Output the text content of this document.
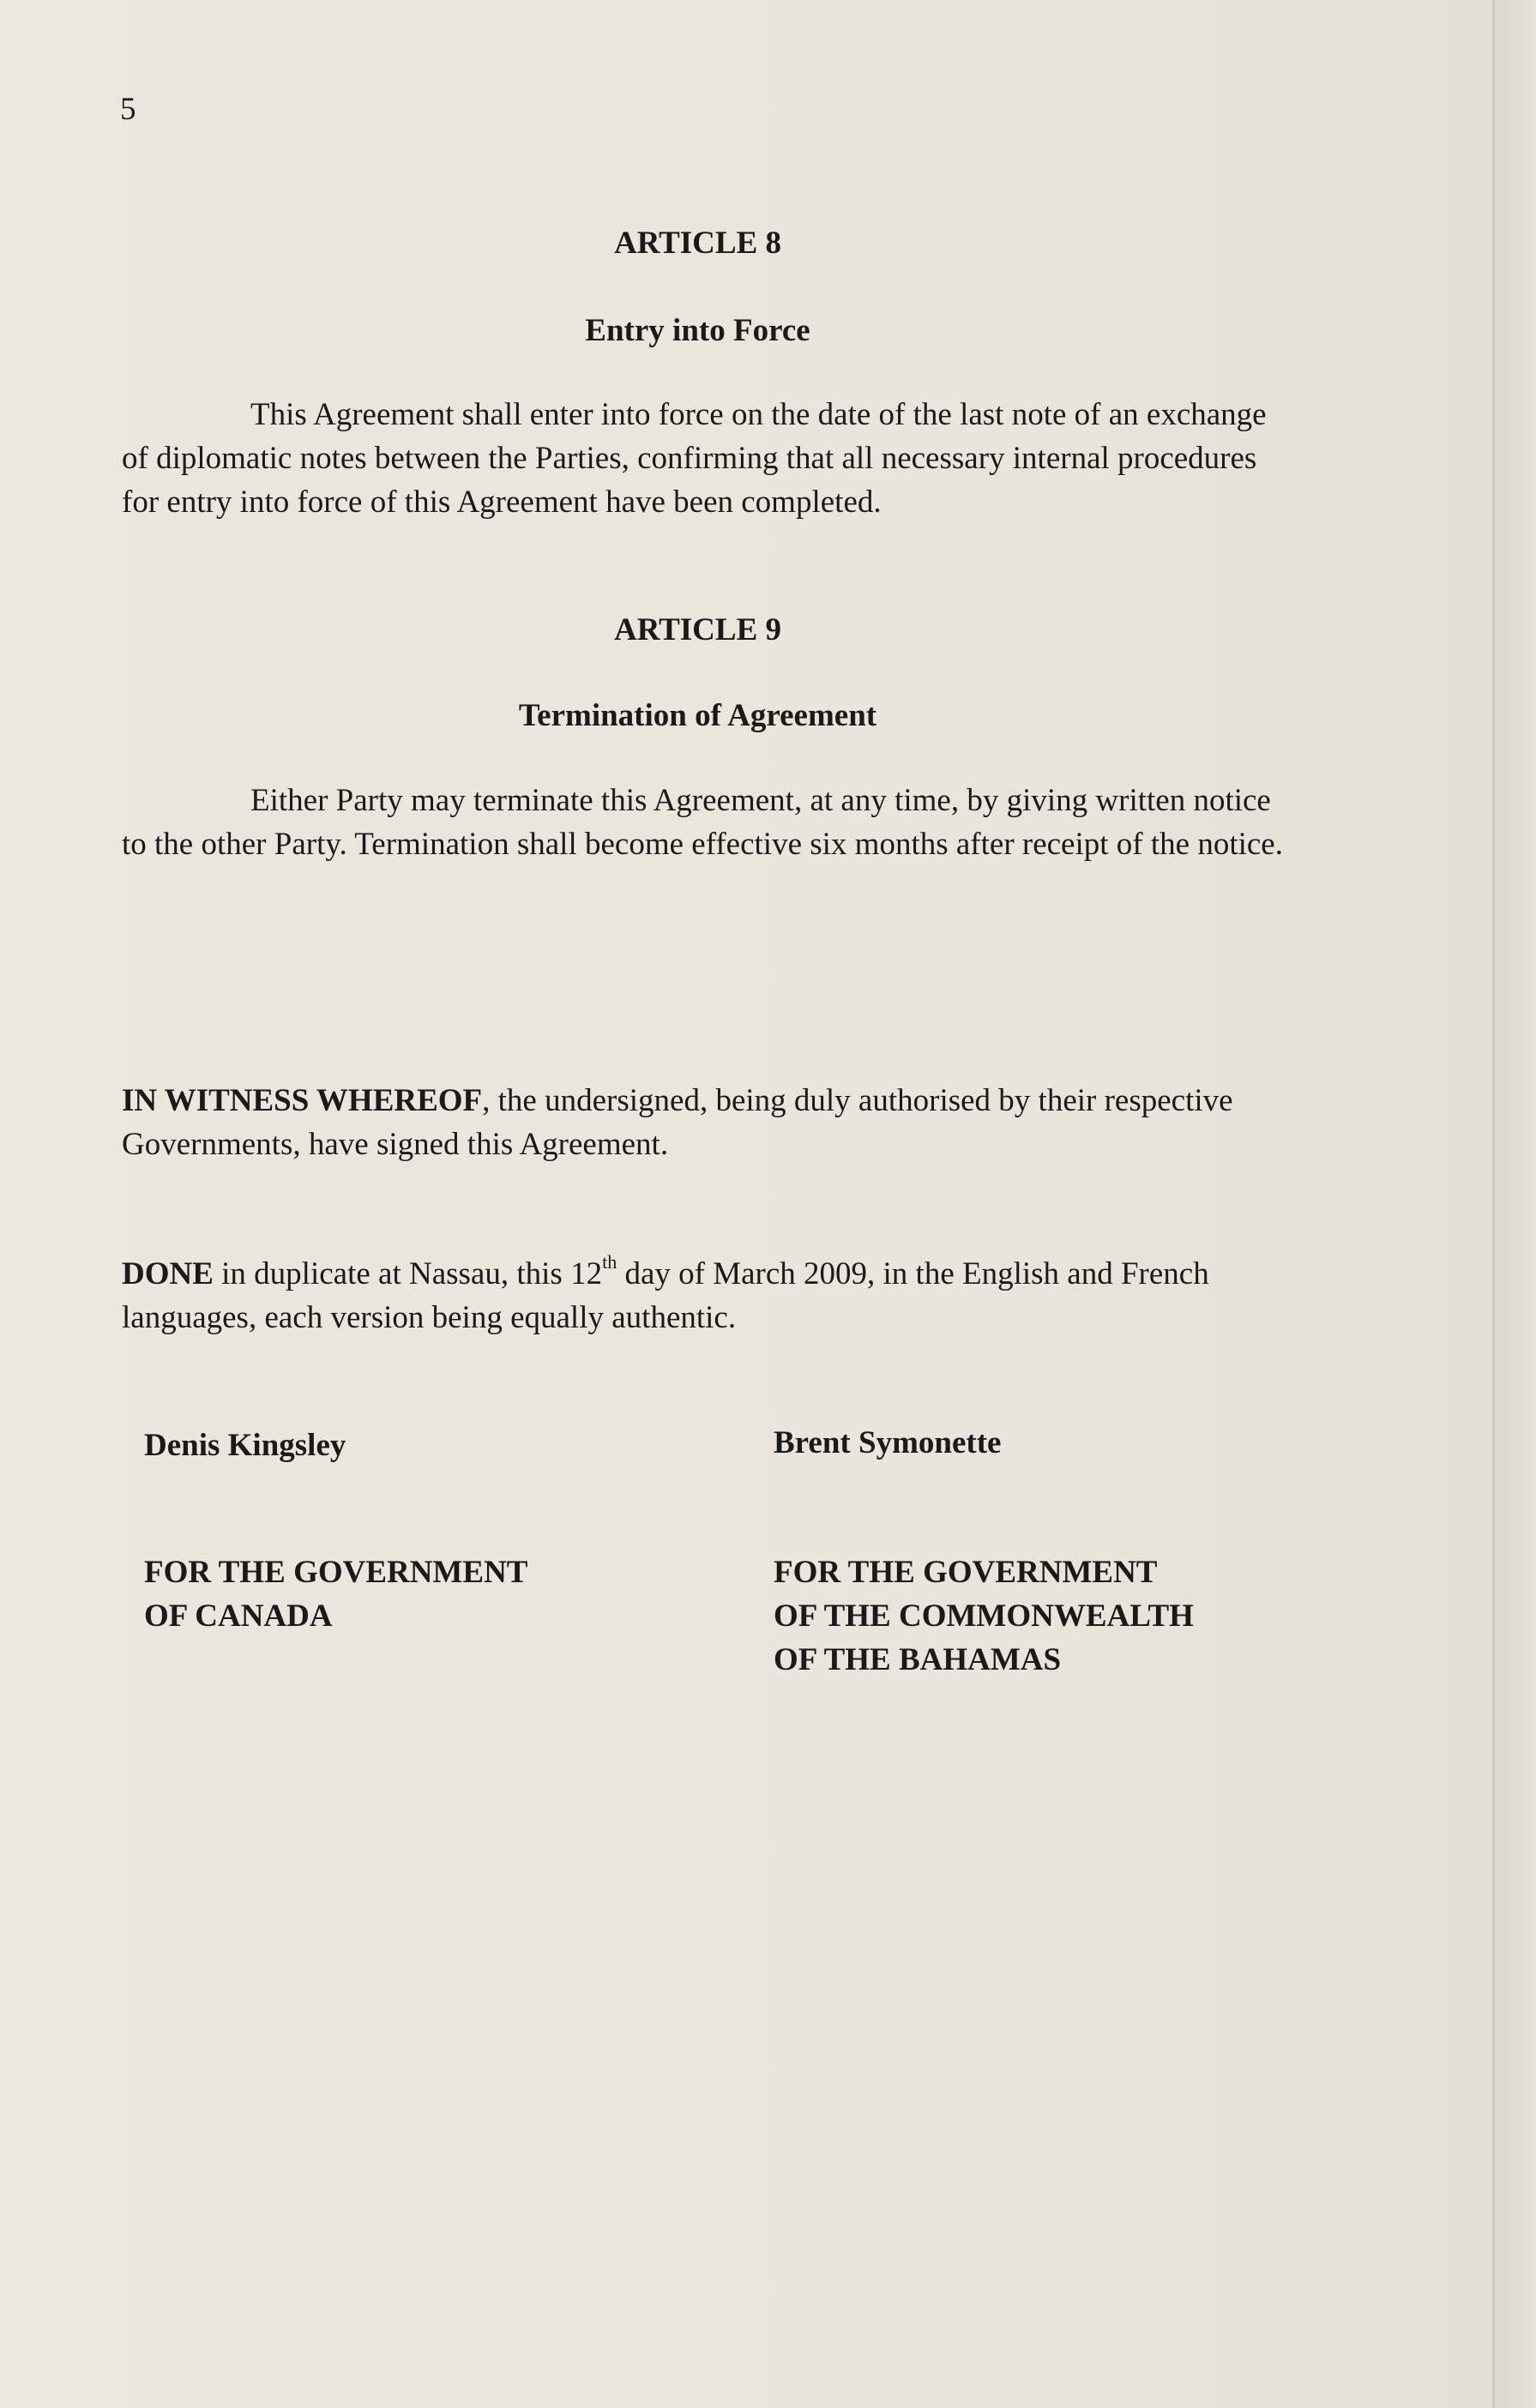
5
ARTICLE 8
Entry into Force

This Agreement shall enter into force on the date of the last note of an exchange of diplomatic notes between the Parties, confirming that all necessary internal procedures for entry into force of this Agreement have been completed.

ARTICLE 9
Termination of Agreement

Either Party may terminate this Agreement, at any time, by giving written notice to the other Party. Termination shall become effective six months after receipt of the notice.

IN WITNESS WHEREOF, the undersigned, being duly authorised by their respective Governments, have signed this Agreement.

DONE in duplicate at Nassau, this 12th day of March 2009, in the English and French languages, each version being equally authentic.

Denis Kingsley	Brent Symonette
FOR THE GOVERNMENT
OF CANADA
FOR THE GOVERNMENT
OF THE COMMONWEALTH
OF THE BAHAMAS
